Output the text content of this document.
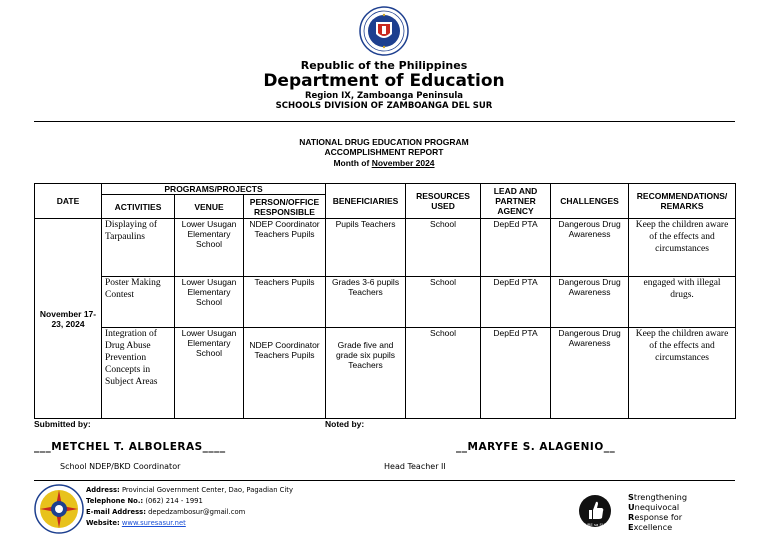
Republic of the Philippines
Department of Education
Region IX, Zamboanga Peninsula
SCHOOLS DIVISION OF ZAMBOANGA DEL SUR
NATIONAL DRUG EDUCATION PROGRAM
ACCOMPLISHMENT REPORT
Month of November 2024
DATE	PROGRAMS/PROJECTS			BENEFICIARIES	RESOURCES USED	LEAD AND PARTNER AGENCY	CHALLENGES	RECOMMENDATIONS/ REMARKS
	ACTIVITIES	VENUE	PERSON/OFFICE RESPONSIBLE					
November 17-23, 2024	Displaying of Tarpaulins	Lower Usugan Elementary School	NDEP Coordinator Teachers Pupils	Pupils Teachers	School	DepEd PTA	Dangerous Drug Awareness	Keep the children aware of the effects and circumstances
	Poster Making Contest	Lower Usugan Elementary School	Teachers Pupils	Grades 3-6 pupils Teachers	School	DepEd PTA	Dangerous Drug Awareness	engaged with illegal drugs.
	Integration of Drug Abuse Prevention Concepts in Subject Areas	Lower Usugan Elementary School	NDEP Coordinator Teachers Pupils	Grade five and grade six pupils Teachers	School	DepEd PTA	Dangerous Drug Awareness	Keep the children aware of the effects and circumstances
Submitted by:	Noted by:
___METCHEL T. ALBOLERAS____	__MARYFE S. ALAGENIO__
School NDEP/BKD Coordinator	Head Teacher II
Address: Provincial Government Center, Dao, Pagadian City
Telephone No.: (062) 214 - 1991
E-mail Address: depedzambosur@gmail.com
Website: www.suresasur.net	SURE sa SUR
Strengthening
Unequivocal
Response for
Excellence
